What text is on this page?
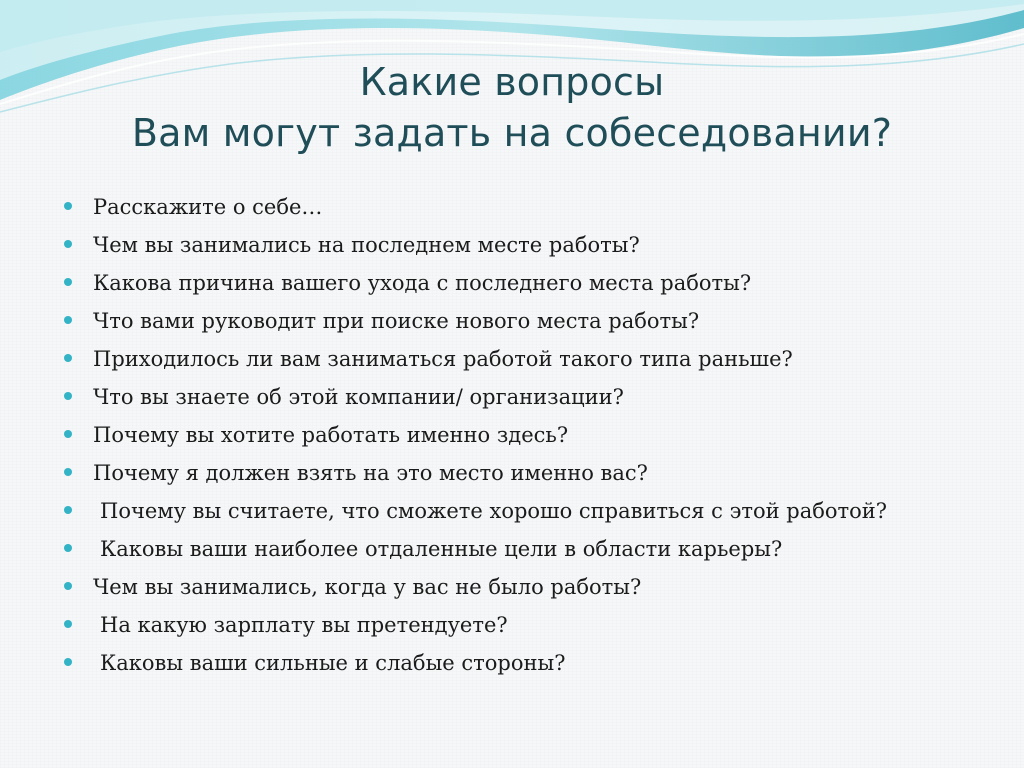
Какие вопросы
Вам могут задать на собеседовании?
Расскажите о себе…
Чем вы занимались на последнем месте работы?
Какова причина вашего ухода с последнего места работы?
Что вами руководит при поиске нового места работы?
Приходилось ли вам заниматься работой такого типа раньше?
Что вы знаете об этой компании/ организации?
Почему вы хотите работать именно здесь?
Почему я должен взять на это место именно вас?
Почему вы считаете, что сможете хорошо справиться с этой работой?
Каковы ваши наиболее отдаленные цели в области карьеры?
Чем вы занимались, когда у вас не было работы?
На какую зарплату вы претендуете?
Каковы ваши сильные и слабые стороны?
